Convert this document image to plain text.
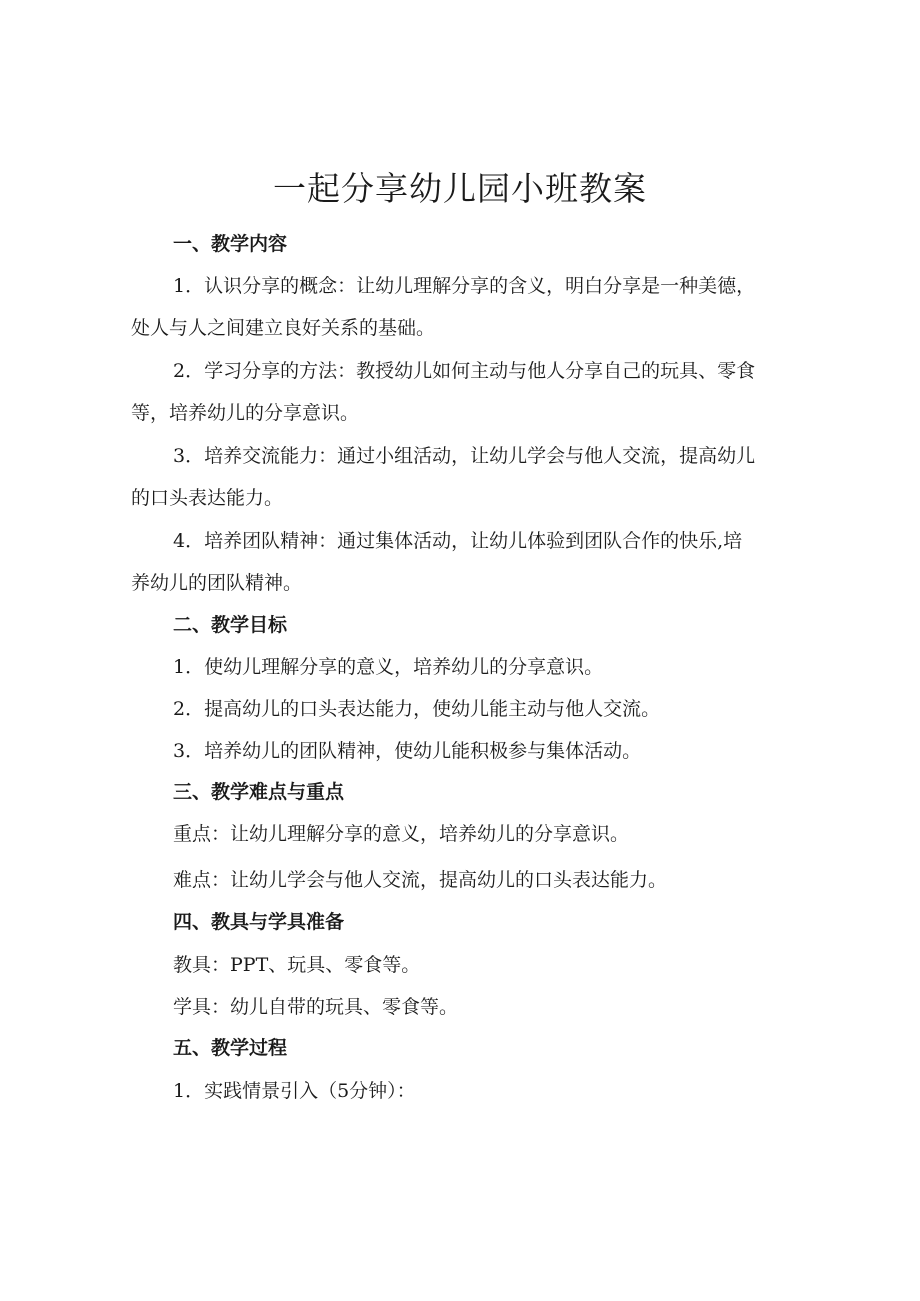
一起分享幼儿园小班教案

一、教学内容

1．认识分享的概念：让幼儿理解分享的含义，明白分享是一种美德，

处人与人之间建立良好关系的基础。

2．学习分享的方法：教授幼儿如何主动与他人分享自己的玩具、零食

等，培养幼儿的分享意识。

3．培养交流能力：通过小组活动，让幼儿学会与他人交流，提高幼儿

的口头表达能力。

4．培养团队精神：通过集体活动，让幼儿体验到团队合作的快乐,培

养幼儿的团队精神。

二、教学目标

1．使幼儿理解分享的意义，培养幼儿的分享意识。

2．提高幼儿的口头表达能力，使幼儿能主动与他人交流。

3．培养幼儿的团队精神，使幼儿能积极参与集体活动。

三、教学难点与重点

重点：让幼儿理解分享的意义，培养幼儿的分享意识。

难点：让幼儿学会与他人交流，提高幼儿的口头表达能力。

四、教具与学具准备

教具：PPT、玩具、零食等。

学具：幼儿自带的玩具、零食等。

五、教学过程

1．实践情景引入（5分钟）：
